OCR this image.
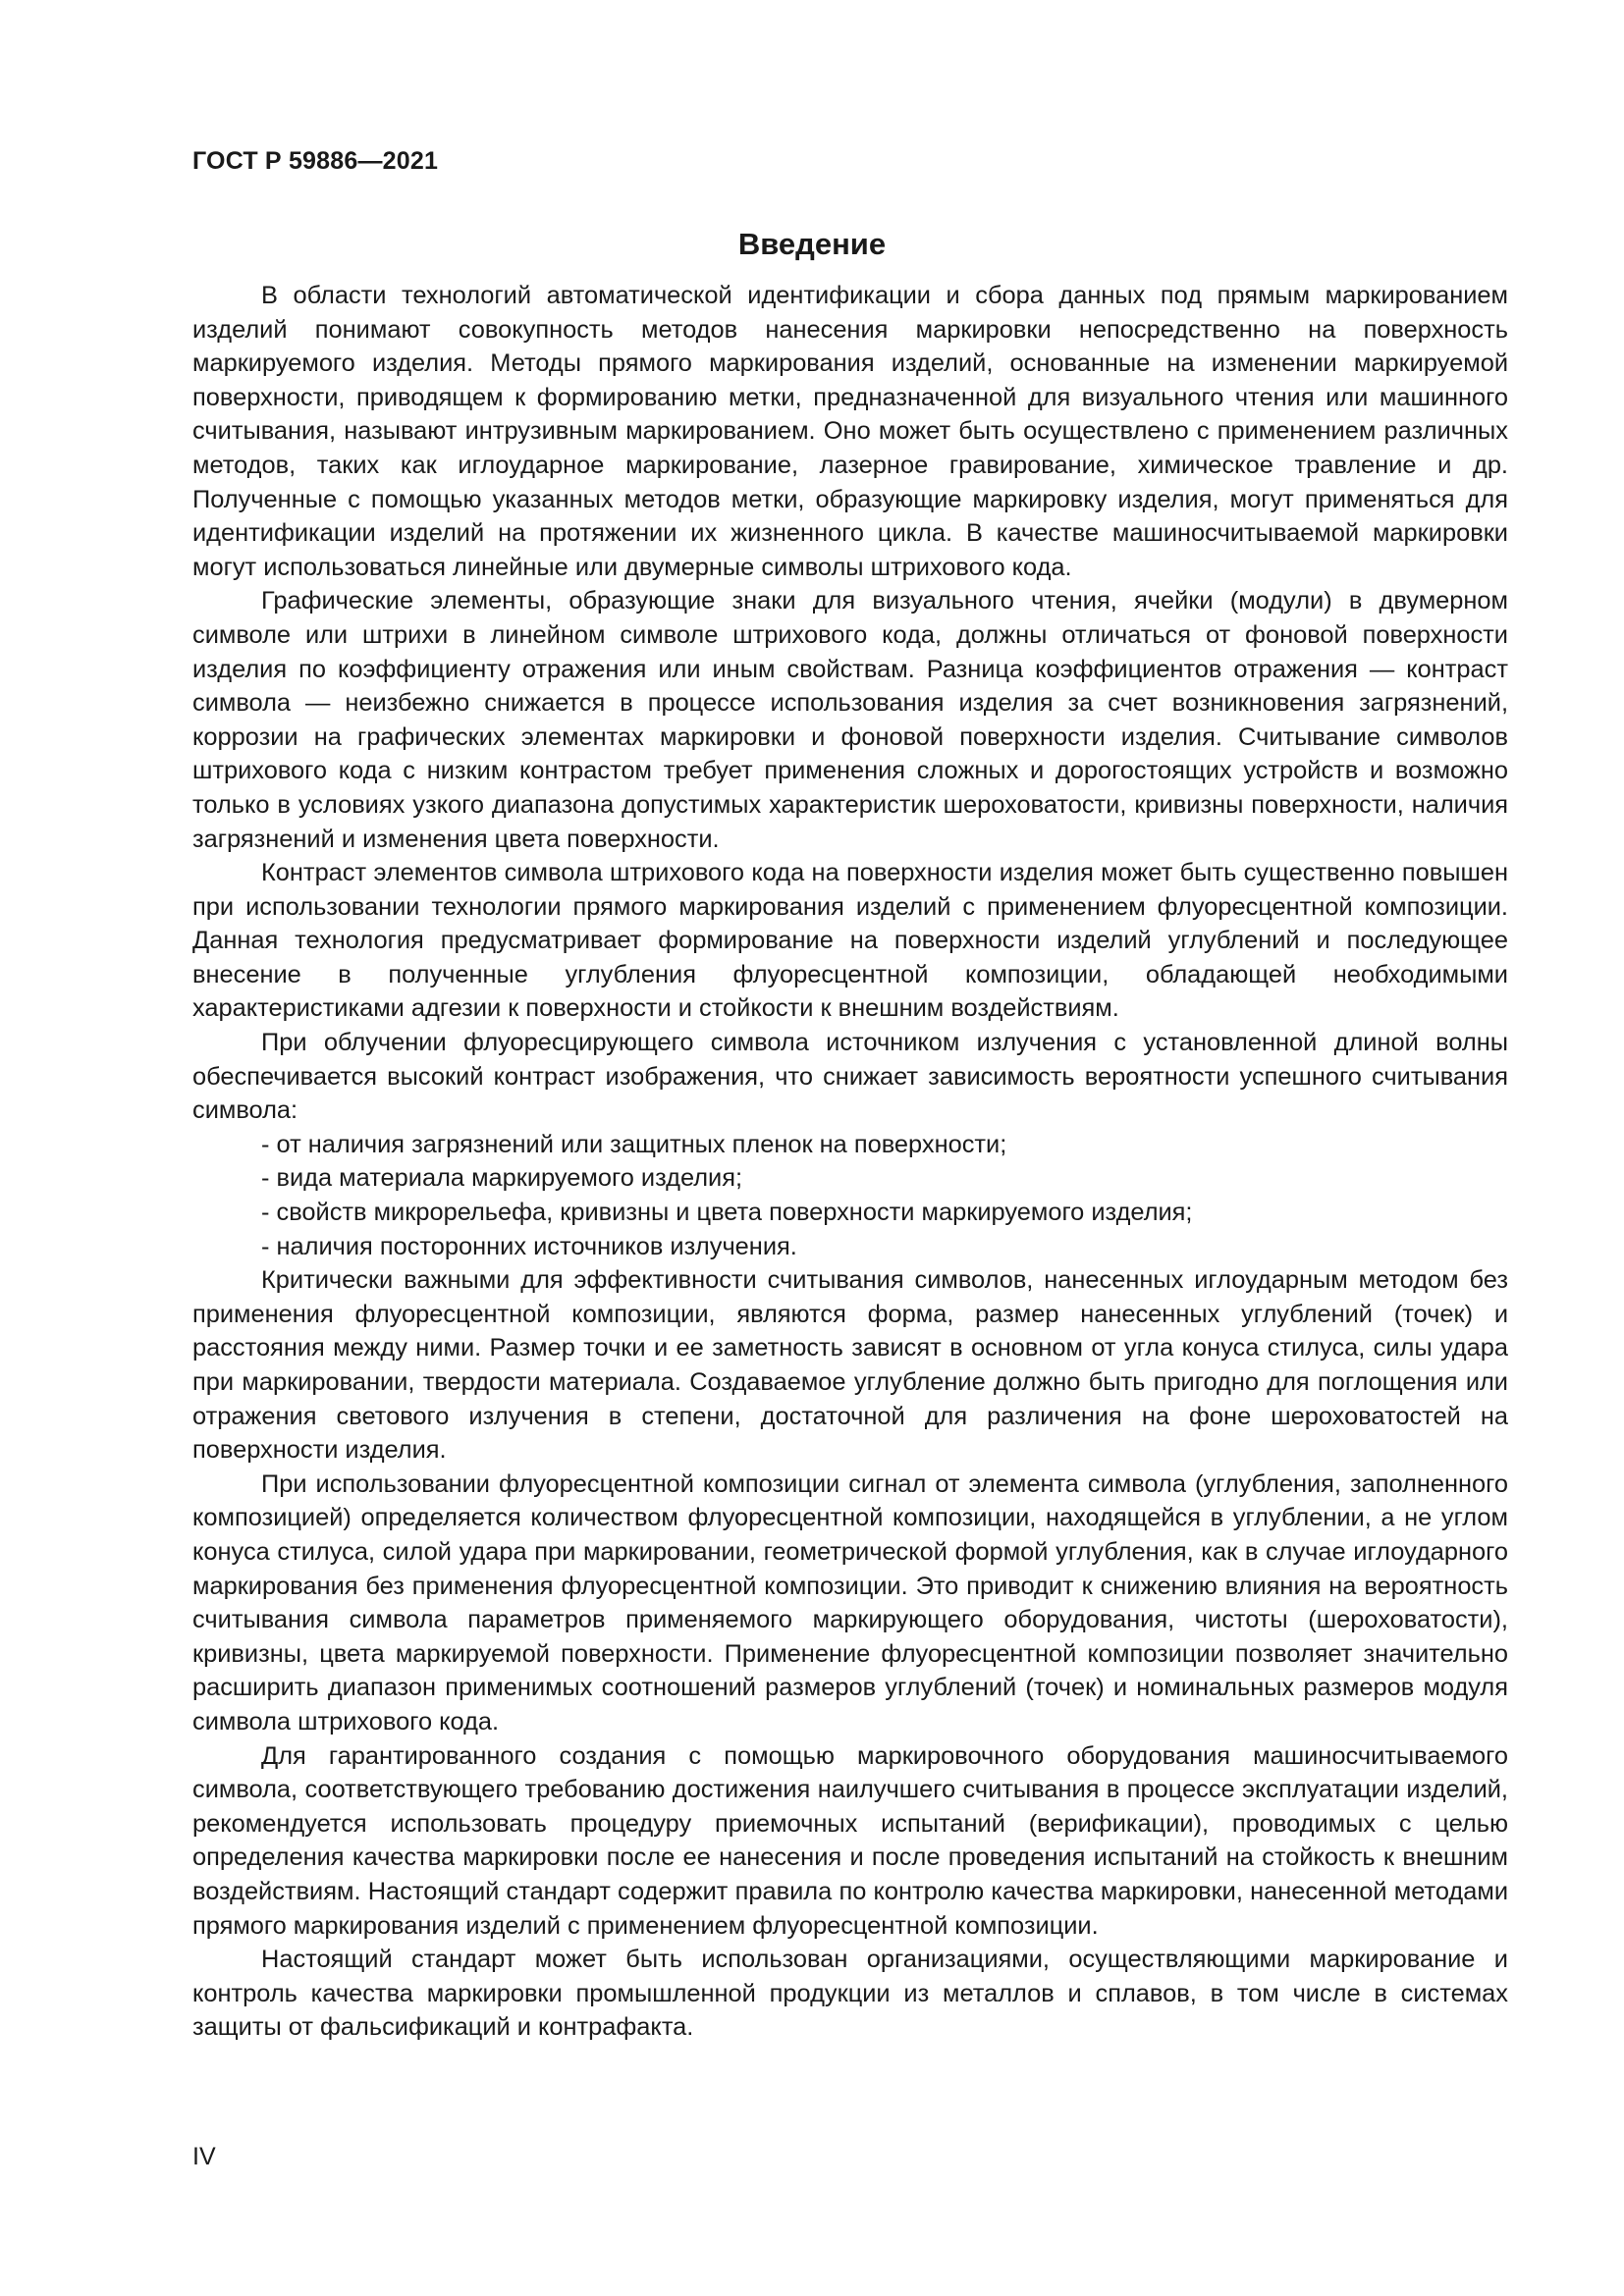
ГОСТ Р 59886—2021
Введение

В области технологий автоматической идентификации и сбора данных под прямым маркированием изделий понимают совокупность методов нанесения маркировки непосредственно на поверхность маркируемого изделия. Методы прямого маркирования изделий, основанные на изменении маркируемой поверхности, приводящем к формированию метки, предназначенной для визуального чтения или машинного считывания, называют интрузивным маркированием. Оно может быть осуществлено с применением различных методов, таких как иглоударное маркирование, лазерное гравирование, химическое травление и др. Полученные с помощью указанных методов метки, образующие маркировку изделия, могут применяться для идентификации изделий на протяжении их жизненного цикла. В качестве машиносчитываемой маркировки могут использоваться линейные или двумерные символы штрихового кода.

Графические элементы, образующие знаки для визуального чтения, ячейки (модули) в двумерном символе или штрихи в линейном символе штрихового кода, должны отличаться от фоновой поверхности изделия по коэффициенту отражения или иным свойствам. Разница коэффициентов отражения — контраст символа — неизбежно снижается в процессе использования изделия за счет возникновения загрязнений, коррозии на графических элементах маркировки и фоновой поверхности изделия. Считывание символов штрихового кода с низким контрастом требует применения сложных и дорогостоящих устройств и возможно только в условиях узкого диапазона допустимых характеристик шероховатости, кривизны поверхности, наличия загрязнений и изменения цвета поверхности.

Контраст элементов символа штрихового кода на поверхности изделия может быть существенно повышен при использовании технологии прямого маркирования изделий с применением флуоресцентной композиции. Данная технология предусматривает формирование на поверхности изделий углублений и последующее внесение в полученные углубления флуоресцентной композиции, обладающей необходимыми характеристиками адгезии к поверхности и стойкости к внешним воздействиям.

При облучении флуоресцирующего символа источником излучения с установленной длиной волны обеспечивается высокий контраст изображения, что снижает зависимость вероятности успешного считывания символа:

- от наличия загрязнений или защитных пленок на поверхности;
- вида материала маркируемого изделия;
- свойств микрорельефа, кривизны и цвета поверхности маркируемого изделия;
- наличия посторонних источников излучения.

Критически важными для эффективности считывания символов, нанесенных иглоударным методом без применения флуоресцентной композиции, являются форма, размер нанесенных углублений (точек) и расстояния между ними. Размер точки и ее заметность зависят в основном от угла конуса стилуса, силы удара при маркировании, твердости материала. Создаваемое углубление должно быть пригодно для поглощения или отражения светового излучения в степени, достаточной для различения на фоне шероховатостей на поверхности изделия.

При использовании флуоресцентной композиции сигнал от элемента символа (углубления, заполненного композицией) определяется количеством флуоресцентной композиции, находящейся в углублении, а не углом конуса стилуса, силой удара при маркировании, геометрической формой углубления, как в случае иглоударного маркирования без применения флуоресцентной композиции. Это приводит к снижению влияния на вероятность считывания символа параметров применяемого маркирующего оборудования, чистоты (шероховатости), кривизны, цвета маркируемой поверхности. Применение флуоресцентной композиции позволяет значительно расширить диапазон применимых соотношений размеров углублений (точек) и номинальных размеров модуля символа штрихового кода.

Для гарантированного создания с помощью маркировочного оборудования машиносчитываемого символа, соответствующего требованию достижения наилучшего считывания в процессе эксплуатации изделий, рекомендуется использовать процедуру приемочных испытаний (верификации), проводимых с целью определения качества маркировки после ее нанесения и после проведения испытаний на стойкость к внешним воздействиям. Настоящий стандарт содержит правила по контролю качества маркировки, нанесенной методами прямого маркирования изделий с применением флуоресцентной композиции.

Настоящий стандарт может быть использован организациями, осуществляющими маркирование и контроль качества маркировки промышленной продукции из металлов и сплавов, в том числе в системах защиты от фальсификаций и контрафакта.

IV
